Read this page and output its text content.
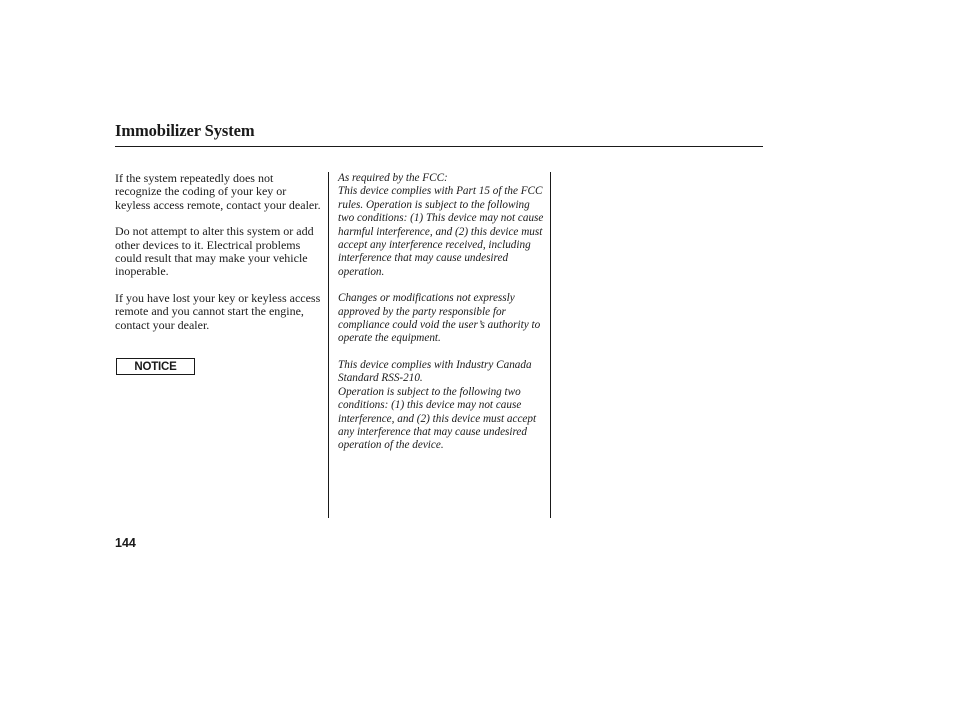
Immobilizer System

If the system repeatedly does not recognize the coding of your key or keyless access remote, contact your dealer.

Do not attempt to alter this system or add other devices to it. Electrical problems could result that may make your vehicle inoperable.

If you have lost your key or keyless access remote and you cannot start the engine, contact your dealer.

NOTICE

As required by the FCC:
This device complies with Part 15 of the FCC rules. Operation is subject to the following two conditions: (1) This device may not cause harmful interference, and (2) this device must accept any interference received, including interference that may cause undesired operation.

Changes or modifications not expressly approved by the party responsible for compliance could void the user’s authority to operate the equipment.

This device complies with Industry Canada Standard RSS-210.
Operation is subject to the following two conditions: (1) this device may not cause interference, and (2) this device must accept any interference that may cause undesired operation of the device.

144
